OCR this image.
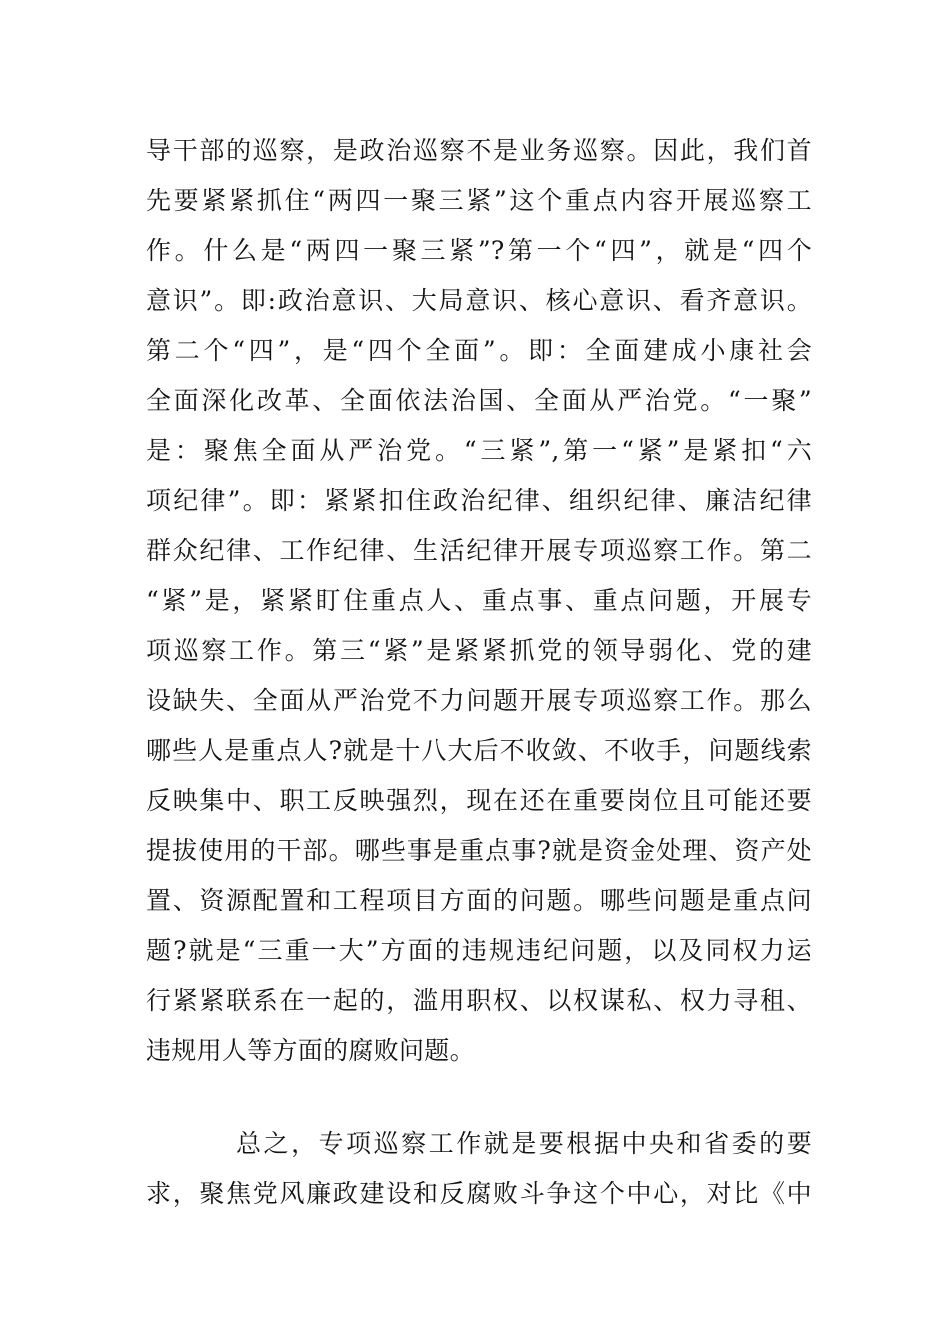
导干部的巡察，是政治巡察不是业务巡察。因此，我们首
先要紧紧抓住“两四一聚三紧”这个重点内容开展巡察工
作。什么是“两四一聚三紧”?第一个“四”，就是“四个
意识”。即:政治意识、大局意识、核心意识、看齐意识。
第二个“四”，是“四个全面”。即：全面建成小康社会
全面深化改革、全面依法治国、全面从严治党。“一聚”
是：聚焦全面从严治党。“三紧”,第一“紧”是紧扣“六
项纪律”。即：紧紧扣住政治纪律、组织纪律、廉洁纪律
群众纪律、工作纪律、生活纪律开展专项巡察工作。第二
“紧”是，紧紧盯住重点人、重点事、重点问题，开展专
项巡察工作。第三“紧”是紧紧抓党的领导弱化、党的建
设缺失、全面从严治党不力问题开展专项巡察工作。那么
哪些人是重点人?就是十八大后不收敛、不收手，问题线索
反映集中、职工反映强烈，现在还在重要岗位且可能还要
提拔使用的干部。哪些事是重点事?就是资金处理、资产处
置、资源配置和工程项目方面的问题。哪些问题是重点问
题?就是“三重一大”方面的违规违纪问题，以及同权力运
行紧紧联系在一起的，滥用职权、以权谋私、权力寻租、
违规用人等方面的腐败问题。
总之，专项巡察工作就是要根据中央和省委的要
求，聚焦党风廉政建设和反腐败斗争这个中心，对比《中
